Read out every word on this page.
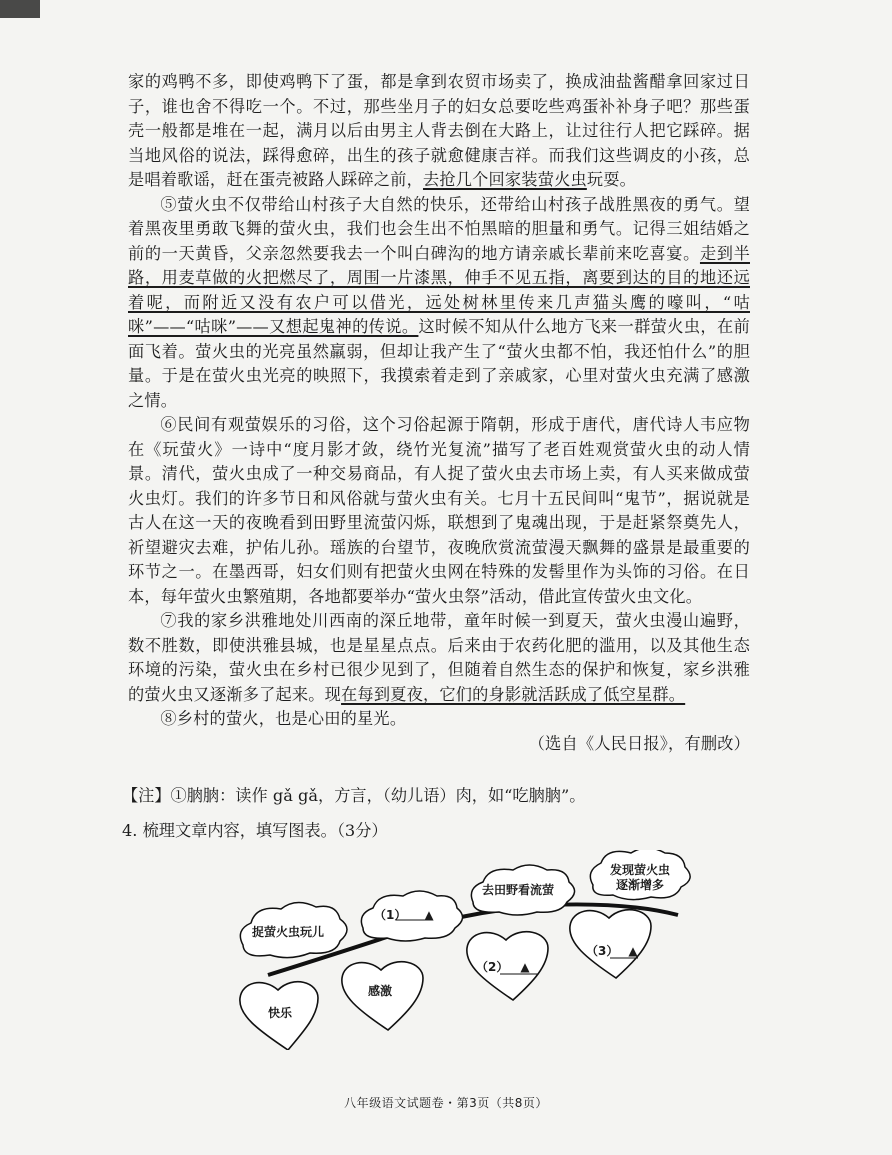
家的鸡鸭不多，即使鸡鸭下了蛋，都是拿到农贸市场卖了，换成油盐酱醋拿回家过日子，谁也舍不得吃一个。不过，那些坐月子的妇女总要吃些鸡蛋补补身子吧？那些蛋壳一般都是堆在一起，满月以后由男主人背去倒在大路上，让过往行人把它踩碎。据当地风俗的说法，踩得愈碎，出生的孩子就愈健康吉祥。而我们这些调皮的小孩，总是唱着歌谣，赶在蛋壳被路人踩碎之前，去抢几个回家装萤火虫玩耍。

⑤萤火虫不仅带给山村孩子大自然的快乐，还带给山村孩子战胜黑夜的勇气。望着黑夜里勇敢飞舞的萤火虫，我们也会生出不怕黑暗的胆量和勇气。记得三姐结婚之前的一天黄昏，父亲忽然要我去一个叫白碑沟的地方请亲戚长辈前来吃喜宴。走到半路，用麦草做的火把燃尽了，周围一片漆黑，伸手不见五指，离要到达的目的地还远着呢，而附近又没有农户可以借光，远处树林里传来几声猫头鹰的嚎叫，“咕咪”——“咕咪”——又想起鬼神的传说。这时候不知从什么地方飞来一群萤火虫，在前面飞着。萤火虫的光亮虽然羸弱，但却让我产生了“萤火虫都不怕，我还怕什么”的胆量。于是在萤火虫光亮的映照下，我摸索着走到了亲戚家，心里对萤火虫充满了感激之情。

⑥民间有观萤娱乐的习俗，这个习俗起源于隋朝，形成于唐代，唐代诗人韦应物在《玩萤火》一诗中“度月影才敛，绕竹光复流”描写了老百姓观赏萤火虫的动人情景。清代，萤火虫成了一种交易商品，有人捉了萤火虫去市场上卖，有人买来做成萤火虫灯。我们的许多节日和风俗就与萤火虫有关。七月十五民间叫“鬼节”，据说就是古人在这一天的夜晚看到田野里流萤闪烁，联想到了鬼魂出现，于是赶紧祭奠先人，祈望避灾去难，护佑儿孙。瑶族的台望节，夜晚欣赏流萤漫天飘舞的盛景是最重要的环节之一。在墨西哥，妇女们则有把萤火虫网在特殊的发髻里作为头饰的习俗。在日本，每年萤火虫繁殖期，各地都要举办“萤火虫祭”活动，借此宣传萤火虫文化。

⑦我的家乡洪雅地处川西南的深丘地带，童年时候一到夏天，萤火虫漫山遍野，数不胜数，即使洪雅县城，也是星星点点。后来由于农药化肥的滥用，以及其他生态环境的污染，萤火虫在乡村已很少见到了，但随着自然生态的保护和恢复，家乡洪雅的萤火虫又逐渐多了起来。现在每到夏夜，它们的身影就活跃成了低空星群。

⑧乡村的萤火，也是心田的星光。

（选自《人民日报》，有删改）

【注】①朒朒：读作 gǎ gǎ，方言，（幼儿语）肉，如“吃朒朒”。
4. 梳理文章内容，填写图表。（3分）
捉萤火虫玩儿
（1） ▲
去田野看流萤
发现萤火虫
逐渐增多
快乐
感激
（2） ▲
（3） ▲
八年级语文试题卷・第3页（共8页）
